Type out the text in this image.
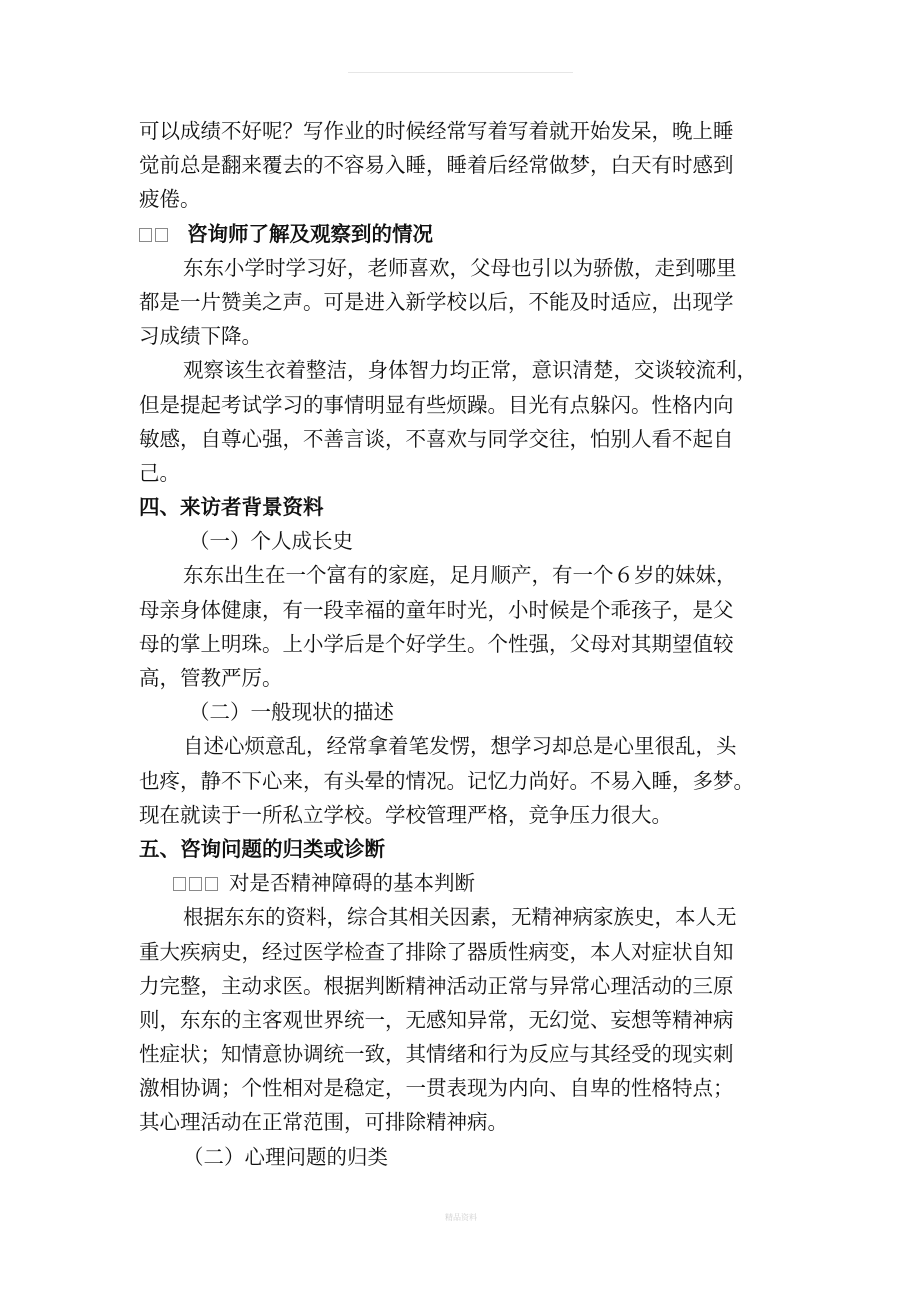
可以成绩不好呢？写作业的时候经常写着写着就开始发呆，晚上睡
觉前总是翻来覆去的不容易入睡，睡着后经常做梦，白天有时感到
疲倦。
咨询师了解及观察到的情况
东东小学时学习好，老师喜欢，父母也引以为骄傲，走到哪里
都是一片赞美之声。可是进入新学校以后，不能及时适应，出现学
习成绩下降。
观察该生衣着整洁，身体智力均正常，意识清楚，交谈较流利，
但是提起考试学习的事情明显有些烦躁。目光有点躲闪。性格内向
敏感，自尊心强，不善言谈，不喜欢与同学交往，怕别人看不起自
己。
四、来访者背景资料
（一）个人成长史
东东出生在一个富有的家庭，足月顺产，有一个６岁的妹妹，
母亲身体健康，有一段幸福的童年时光，小时候是个乖孩子，是父
母的掌上明珠。上小学后是个好学生。个性强，父母对其期望值较
高，管教严厉。
（二）一般现状的描述
自述心烦意乱，经常拿着笔发愣，想学习却总是心里很乱，头
也疼，静不下心来，有头晕的情况。记忆力尚好。不易入睡，多梦。
现在就读于一所私立学校。学校管理严格，竞争压力很大。
五、咨询问题的归类或诊断
对是否精神障碍的基本判断
根据东东的资料，综合其相关因素，无精神病家族史，本人无
重大疾病史，经过医学检查了排除了器质性病变，本人对症状自知
力完整，主动求医。根据判断精神活动正常与异常心理活动的三原
则，东东的主客观世界统一，无感知异常，无幻觉、妄想等精神病
性症状；知情意协调统一致，其情绪和行为反应与其经受的现实刺
激相协调；个性相对是稳定，一贯表现为内向、自卑的性格特点；
其心理活动在正常范围，可排除精神病。
（二）心理问题的归类
精品资料
